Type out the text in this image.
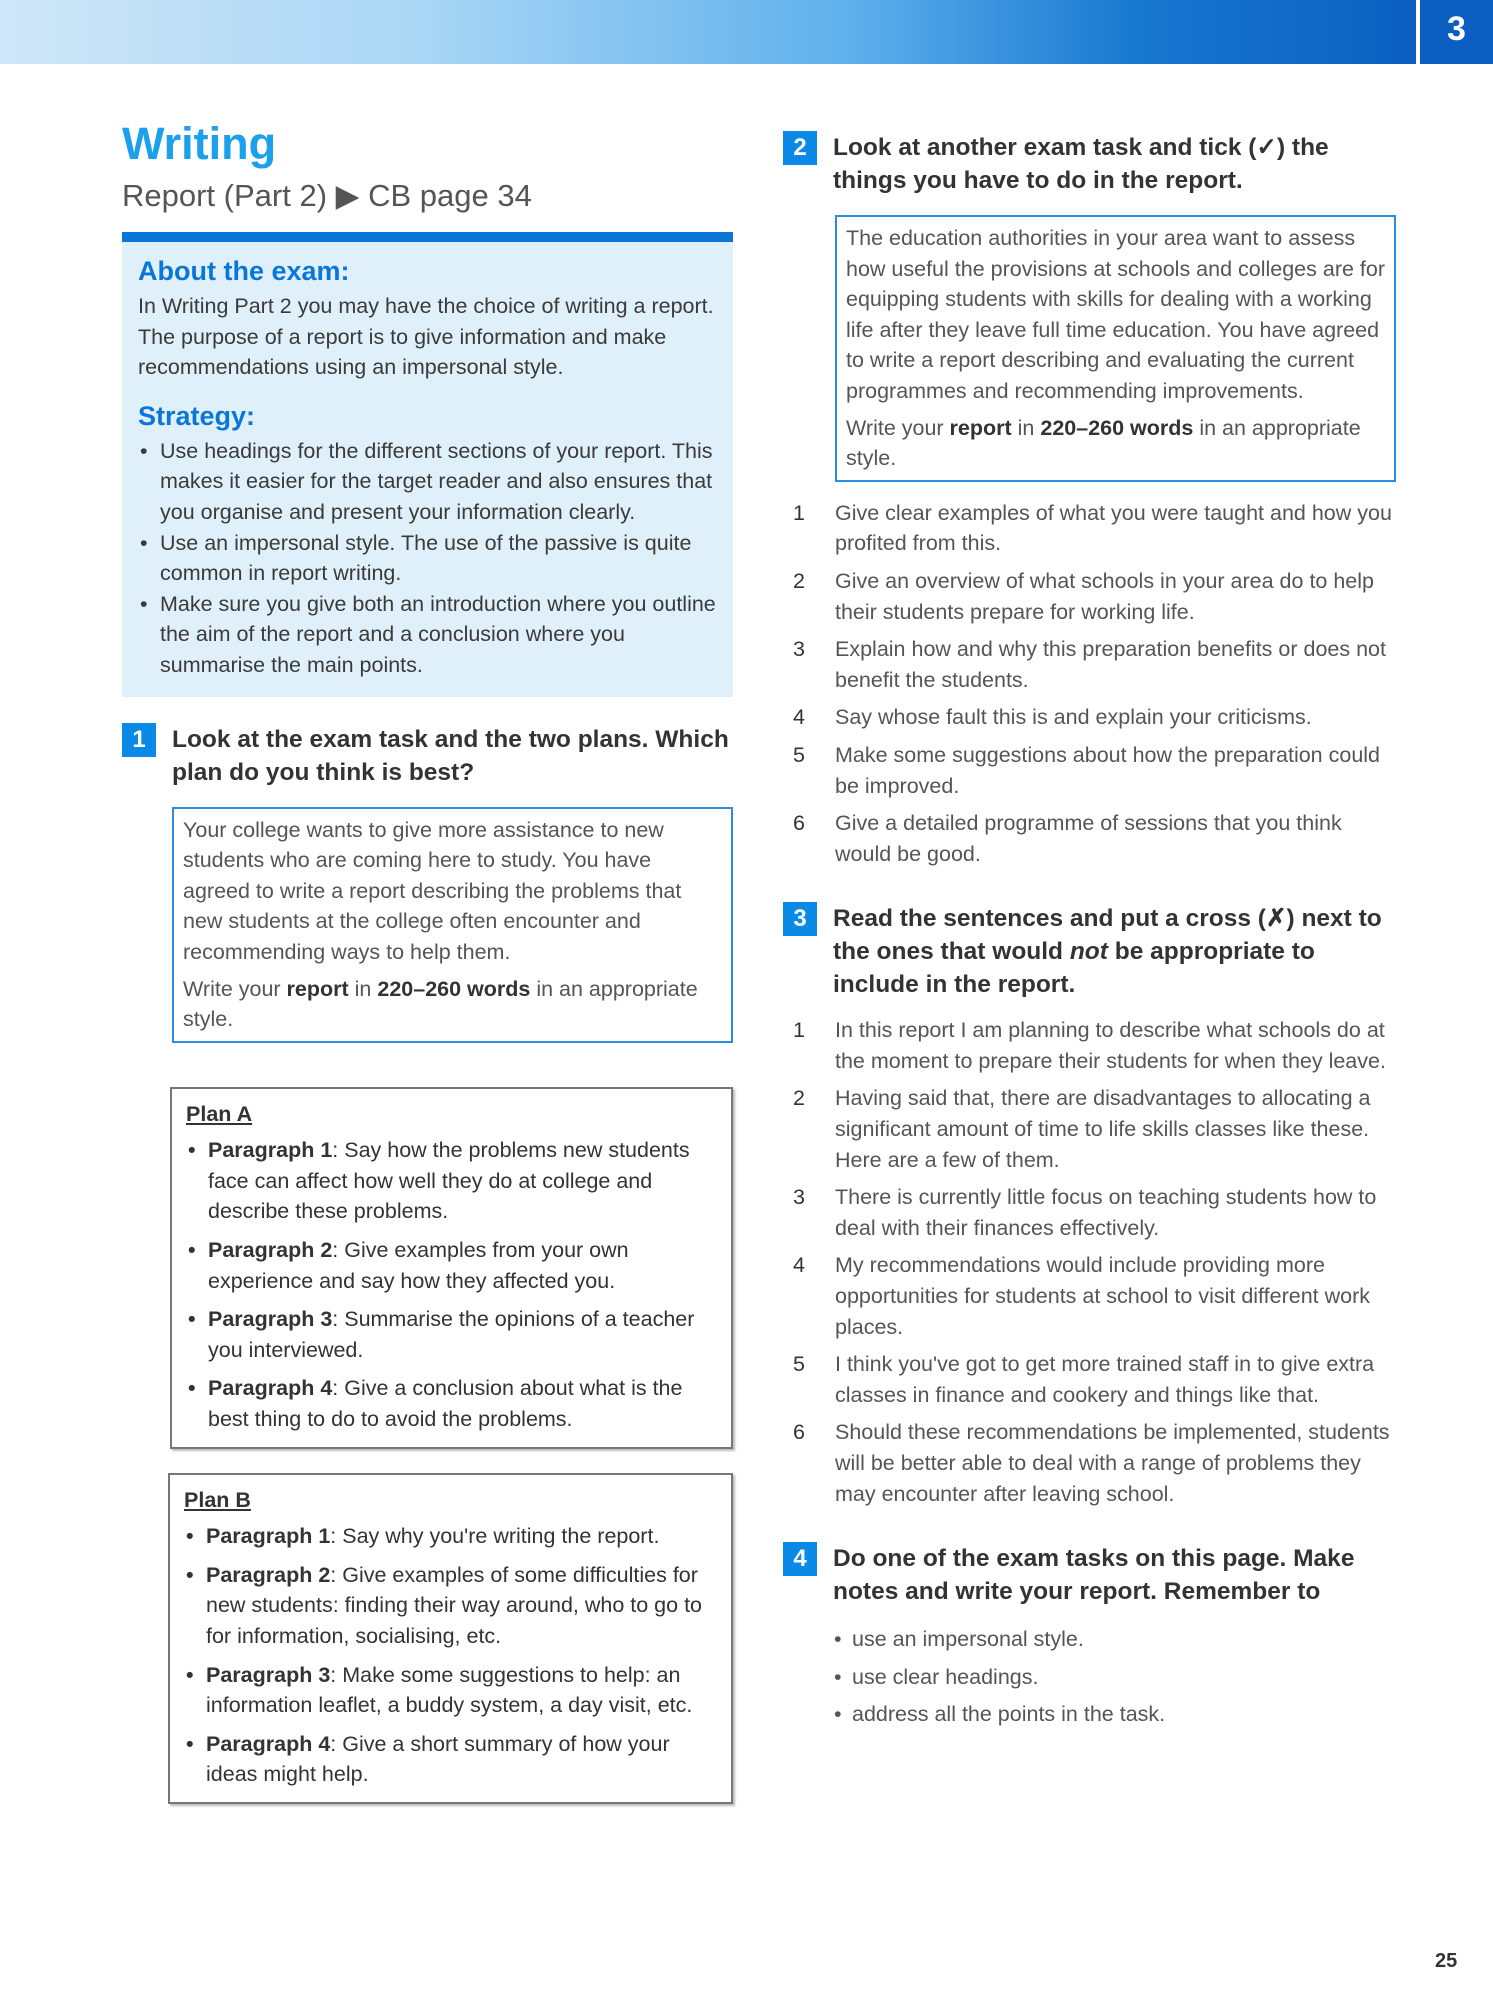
3
Writing
Report (Part 2) ▶ CB page 34
About the exam:

In Writing Part 2 you may have the choice of writing a report. The purpose of a report is to give information and make recommendations using an impersonal style.

Strategy:
• Use headings for the different sections of your report. This makes it easier for the target reader and also ensures that you organise and present your information clearly.
• Use an impersonal style. The use of the passive is quite common in report writing.
• Make sure you give both an introduction where you outline the aim of the report and a conclusion where you summarise the main points.
1	Look at the exam task and the two plans. Which plan do you think is best?

Your college wants to give more assistance to new students who are coming here to study. You have agreed to write a report describing the problems that new students at the college often encounter and recommending ways to help them.

Write your report in 220–260 words in an appropriate style.

Plan A
• Paragraph 1: Say how the problems new students face can affect how well they do at college and describe these problems.
• Paragraph 2: Give examples from your own experience and say how they affected you.
• Paragraph 3: Summarise the opinions of a teacher you interviewed.
• Paragraph 4: Give a conclusion about what is the best thing to do to avoid the problems.
Plan B
• Paragraph 1: Say why you're writing the report.
• Paragraph 2: Give examples of some difficulties for new students: finding their way around, who to go to for information, socialising, etc.
• Paragraph 3: Make some suggestions to help: an information leaflet, a buddy system, a day visit, etc.
• Paragraph 4: Give a short summary of how your ideas might help.
2	Look at another exam task and tick (✓) the things you have to do in the report.

The education authorities in your area want to assess how useful the provisions at schools and colleges are for equipping students with skills for dealing with a working life after they leave full time education. You have agreed to write a report describing and evaluating the current programmes and recommending improvements.

Write your report in 220–260 words in an appropriate style.

1	Give clear examples of what you were taught and how you profited from this.
2	Give an overview of what schools in your area do to help their students prepare for working life.
3	Explain how and why this preparation benefits or does not benefit the students.
4	Say whose fault this is and explain your criticisms.
5	Make some suggestions about how the preparation could be improved.
6	Give a detailed programme of sessions that you think would be good.
3	Read the sentences and put a cross (✗) next to the ones that would not be appropriate to include in the report.
1	In this report I am planning to describe what schools do at the moment to prepare their students for when they leave.
2	Having said that, there are disadvantages to allocating a significant amount of time to life skills classes like these. Here are a few of them.
3	There is currently little focus on teaching students how to deal with their finances effectively.
4	My recommendations would include providing more opportunities for students at school to visit different work places.
5	I think you've got to get more trained staff in to give extra classes in finance and cookery and things like that.
6	Should these recommendations be implemented, students will be better able to deal with a range of problems they may encounter after leaving school.
4	Do one of the exam tasks on this page. Make notes and write your report. Remember to
• use an impersonal style.
• use clear headings.
• address all the points in the task.
25
